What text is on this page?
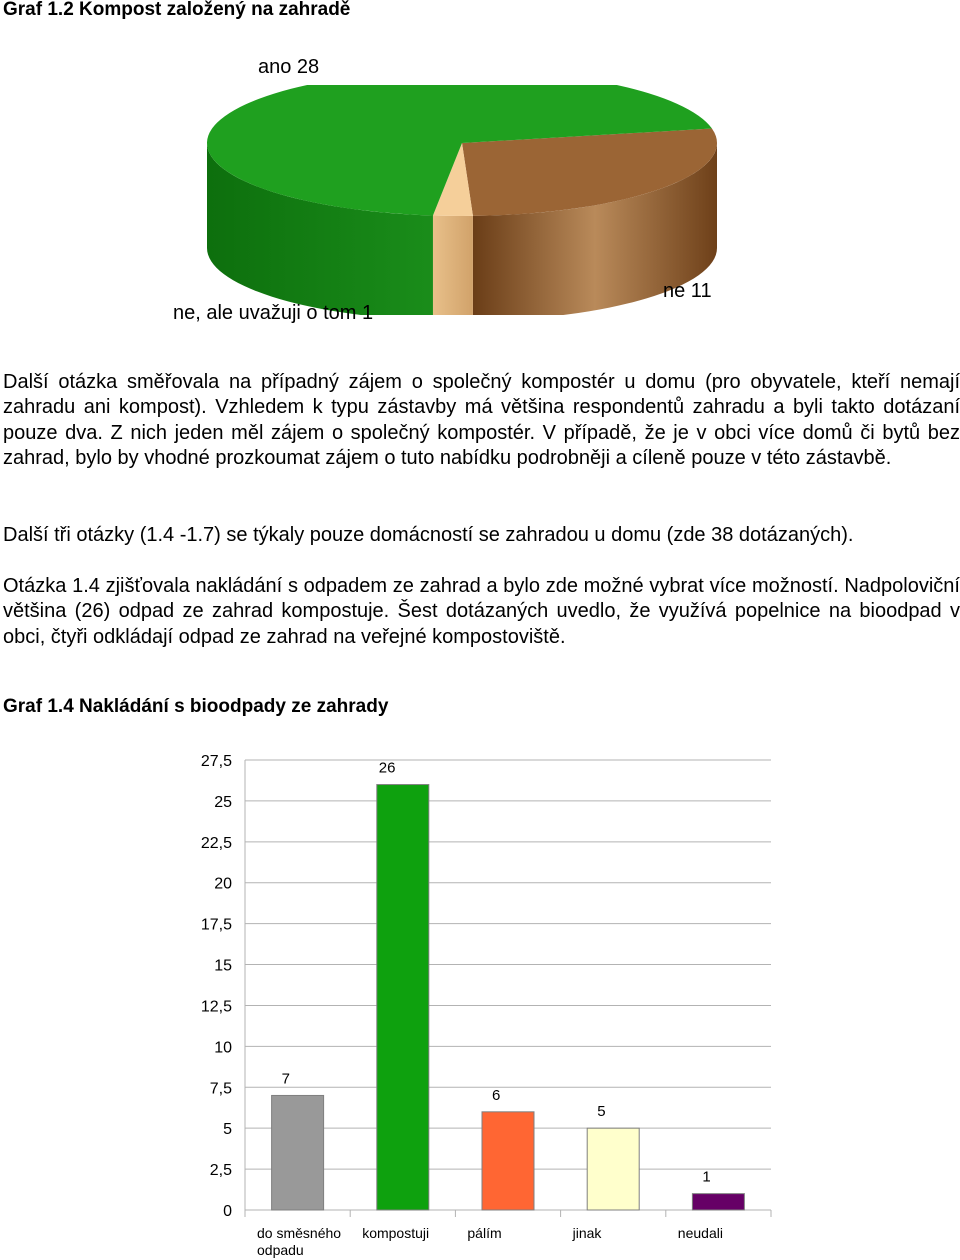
Graf 1.2 Kompost založený na zahradě
ano 28
ne 11
ne, ale uvažuji o tom 1

Další otázka směřovala na případný zájem o společný kompostér u domu (pro obyvatele, kteří nemají zahradu ani kompost). Vzhledem k typu zástavby má většina respondentů zahradu a byli takto dotázaní pouze dva. Z nich jeden měl zájem o společný kompostér. V případě, že je v obci více domů či bytů bez zahrad, bylo by vhodné prozkoumat zájem o tuto nabídku podrobněji a cíleně pouze v této zástavbě.

Další tři otázky (1.4 -1.7) se týkaly pouze domácností se zahradou u domu (zde 38 dotázaných).

Otázka 1.4 zjišťovala nakládání s odpadem ze zahrad a bylo zde možné vybrat více možností. Nadpoloviční většina (26) odpad ze zahrad kompostuje. Šest dotázaných uvedlo, že využívá popelnice na bioodpad v obci, čtyři odkládají odpad ze zahrad na veřejné kompostoviště.

Graf 1.4 Nakládání s bioodpady ze zahrady
0
2,5
5
7,5
10
12,5
15
17,5
20
22,5
25
27,5
7
26
6
5
1
do směsného
odpadu
kompostuji	pálím	jinak	neudali
